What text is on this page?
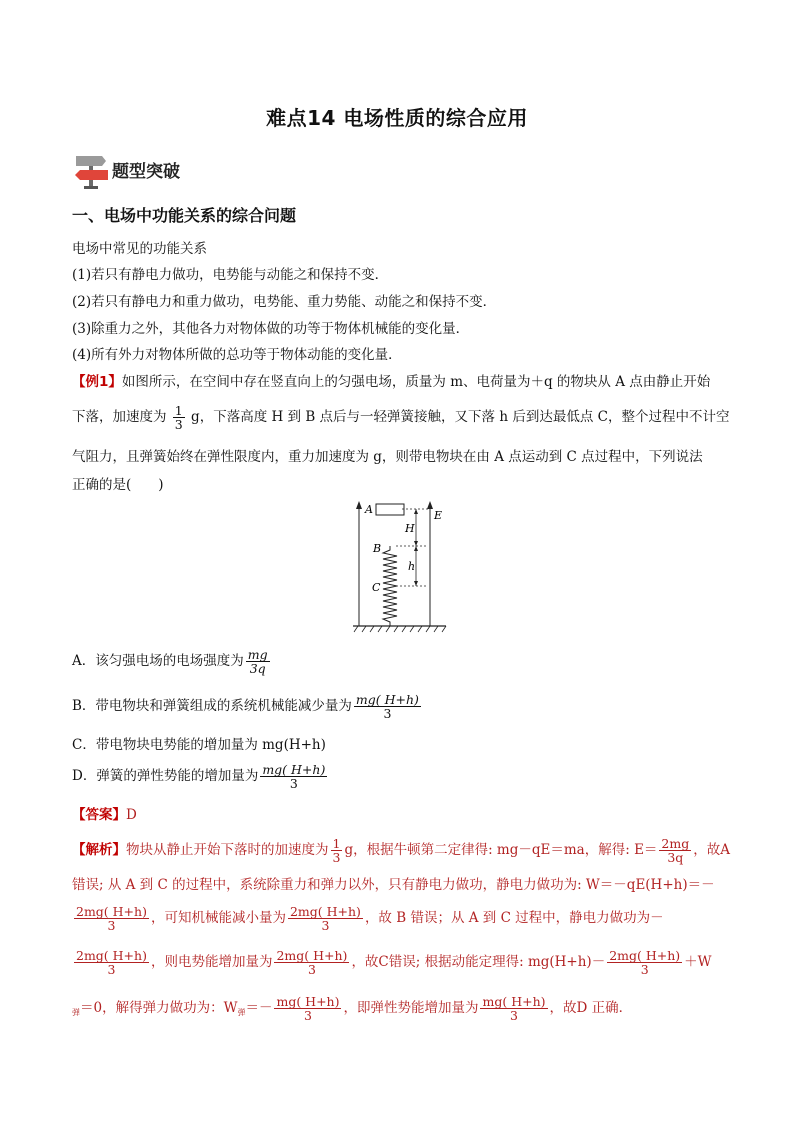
难点14 电场性质的综合应用
题型突破
一、电场中功能关系的综合问题
电场中常见的功能关系
(1)若只有静电力做功，电势能与动能之和保持不变．
(2)若只有静电力和重力做功，电势能、重力势能、动能之和保持不变．
(3)除重力之外，其他各力对物体做的功等于物体机械能的变化量．
(4)所有外力对物体所做的总功等于物体动能的变化量．
【例1】如图所示，在空间中存在竖直向上的匀强电场，质量为 m、电荷量为＋q 的物块从 A 点由静止开始
下落，加速度为 $\frac{1}{3}$ g，下落高度 H 到 B 点后与一轻弹簧接触，又下落 h 后到达最低点 C，整个过程中不计空
气阻力，且弹簧始终在弹性限度内，重力加速度为 g，则带电物块在由 A 点运动到 C 点过程中，下列说法
正确的是(　　)
A	E
H
B
h
C
A．该匀强电场的电场强度为 $\frac{mg}{3q}$
B．带电物块和弹簧组成的系统机械能减少量为 $\frac{mg( H+h)}{3}$
C．带电物块电势能的增加量为 mg(H+h)
D．弹簧的弹性势能的增加量为 $\frac{mg( H+h)}{3}$
【答案】D
【解析】物块从静止开始下落时的加速度为 $\frac{1}{3}$ g，根据牛顿第二定律得: mg－qE＝ma，解得: $E= \frac{2mg}{3q}$ ，故A
错误; 从 A 到 C 的过程中，系统除重力和弹力以外，只有静电力做功，静电力做功为: W＝－qE(H+h)＝－
$\frac{2mg( H+h)}{3}$ ，可知机械能减小量为 $\frac{2mg( H+h)}{3}$ ，故 B 错误；从 A 到 C 过程中，静电力做功为－
$\frac{2mg( H+h)}{3}$ ，则电势能增加量为 $\frac{2mg( H+h)}{3}$ ，故C错误; 根据动能定理得: $mg(H+h)- \frac{2mg( H+h)}{3} +W$
$_弹$＝0，解得弹力做功为：$W_弹=- \frac{mg( H+h)}{3}$ ，即弹性势能增加量为 $\frac{mg( H+h)}{3}$ ，故D 正确．
